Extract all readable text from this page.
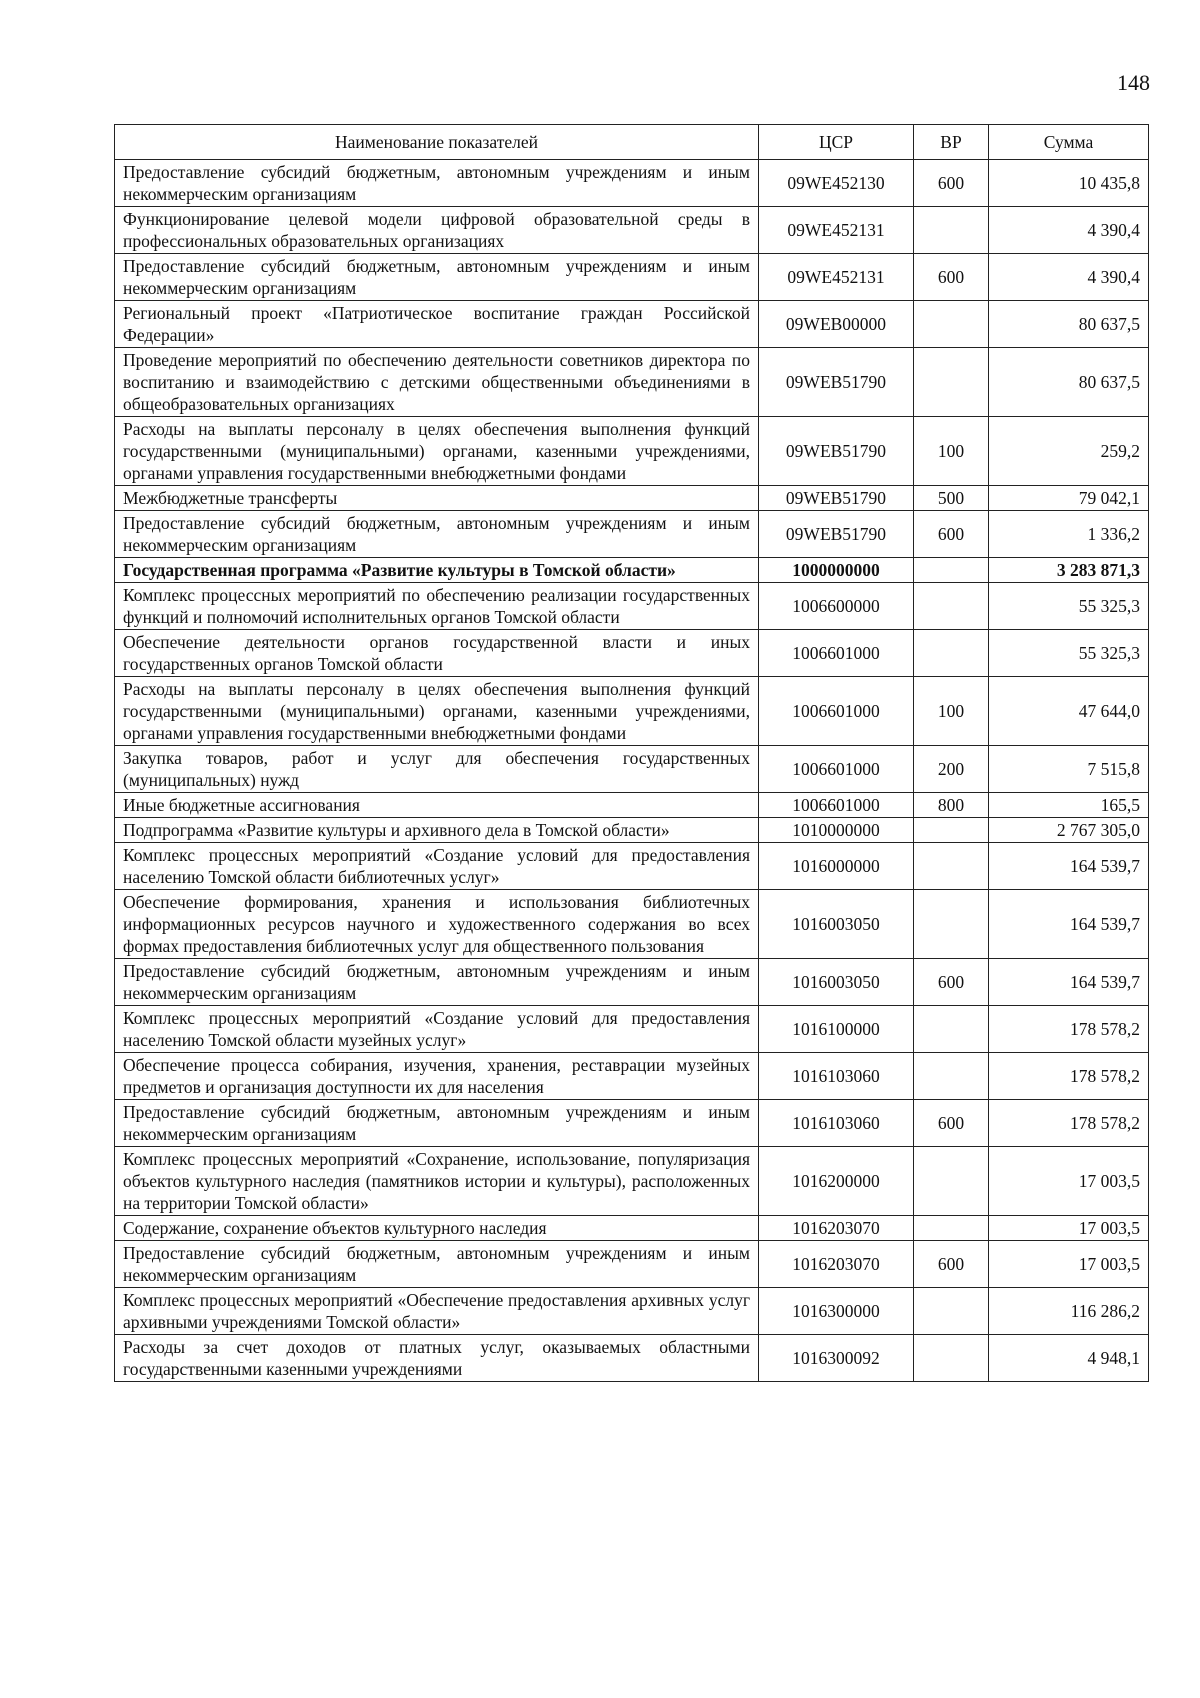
148
Наименование показателей	ЦСР	ВР	Сумма
Предоставление субсидий бюджетным, автономным учреждениям и иным некоммерческим организациям	09WE452130	600	10 435,8
Функционирование целевой модели цифровой образовательной среды в профессиональных образовательных организациях	09WE452131		4 390,4
Предоставление субсидий бюджетным, автономным учреждениям и иным некоммерческим организациям	09WE452131	600	4 390,4
Региональный проект «Патриотическое воспитание граждан Российской Федерации»	09WEB00000		80 637,5
Проведение мероприятий по обеспечению деятельности советников директора по воспитанию и взаимодействию с детскими общественными объединениями в общеобразовательных организациях	09WEB51790		80 637,5
Расходы на выплаты персоналу в целях обеспечения выполнения функций государственными (муниципальными) органами, казенными учреждениями, органами управления государственными внебюджетными фондами	09WEB51790	100	259,2
Межбюджетные трансферты	09WEB51790	500	79 042,1
Предоставление субсидий бюджетным, автономным учреждениям и иным некоммерческим организациям	09WEB51790	600	1 336,2
Государственная программа «Развитие культуры в Томской области»	1000000000		3 283 871,3
Комплекс процессных мероприятий по обеспечению реализации государственных функций и полномочий исполнительных органов Томской области	1006600000		55 325,3
Обеспечение деятельности органов государственной власти и иных государственных органов Томской области	1006601000		55 325,3
Расходы на выплаты персоналу в целях обеспечения выполнения функций государственными (муниципальными) органами, казенными учреждениями, органами управления государственными внебюджетными фондами	1006601000	100	47 644,0
Закупка товаров, работ и услуг для обеспечения государственных (муниципальных) нужд	1006601000	200	7 515,8
Иные бюджетные ассигнования	1006601000	800	165,5
Подпрограмма «Развитие культуры и архивного дела в Томской области»	1010000000		2 767 305,0
Комплекс процессных мероприятий «Создание условий для предоставления населению Томской области библиотечных услуг»	1016000000		164 539,7
Обеспечение формирования, хранения и использования библиотечных информационных ресурсов научного и художественного содержания во всех формах предоставления библиотечных услуг для общественного пользования	1016003050		164 539,7
Предоставление субсидий бюджетным, автономным учреждениям и иным некоммерческим организациям	1016003050	600	164 539,7
Комплекс процессных мероприятий «Создание условий для предоставления населению Томской области музейных услуг»	1016100000		178 578,2
Обеспечение процесса собирания, изучения, хранения, реставрации музейных предметов и организация доступности их для населения	1016103060		178 578,2
Предоставление субсидий бюджетным, автономным учреждениям и иным некоммерческим организациям	1016103060	600	178 578,2
Комплекс процессных мероприятий «Сохранение, использование, популяризация объектов культурного наследия (памятников истории и культуры), расположенных на территории Томской области»	1016200000		17 003,5
Содержание, сохранение объектов культурного наследия	1016203070		17 003,5
Предоставление субсидий бюджетным, автономным учреждениям и иным некоммерческим организациям	1016203070	600	17 003,5
Комплекс процессных мероприятий «Обеспечение предоставления архивных услуг архивными учреждениями Томской области»	1016300000		116 286,2
Расходы за счет доходов от платных услуг, оказываемых областными государственными казенными учреждениями	1016300092		4 948,1
